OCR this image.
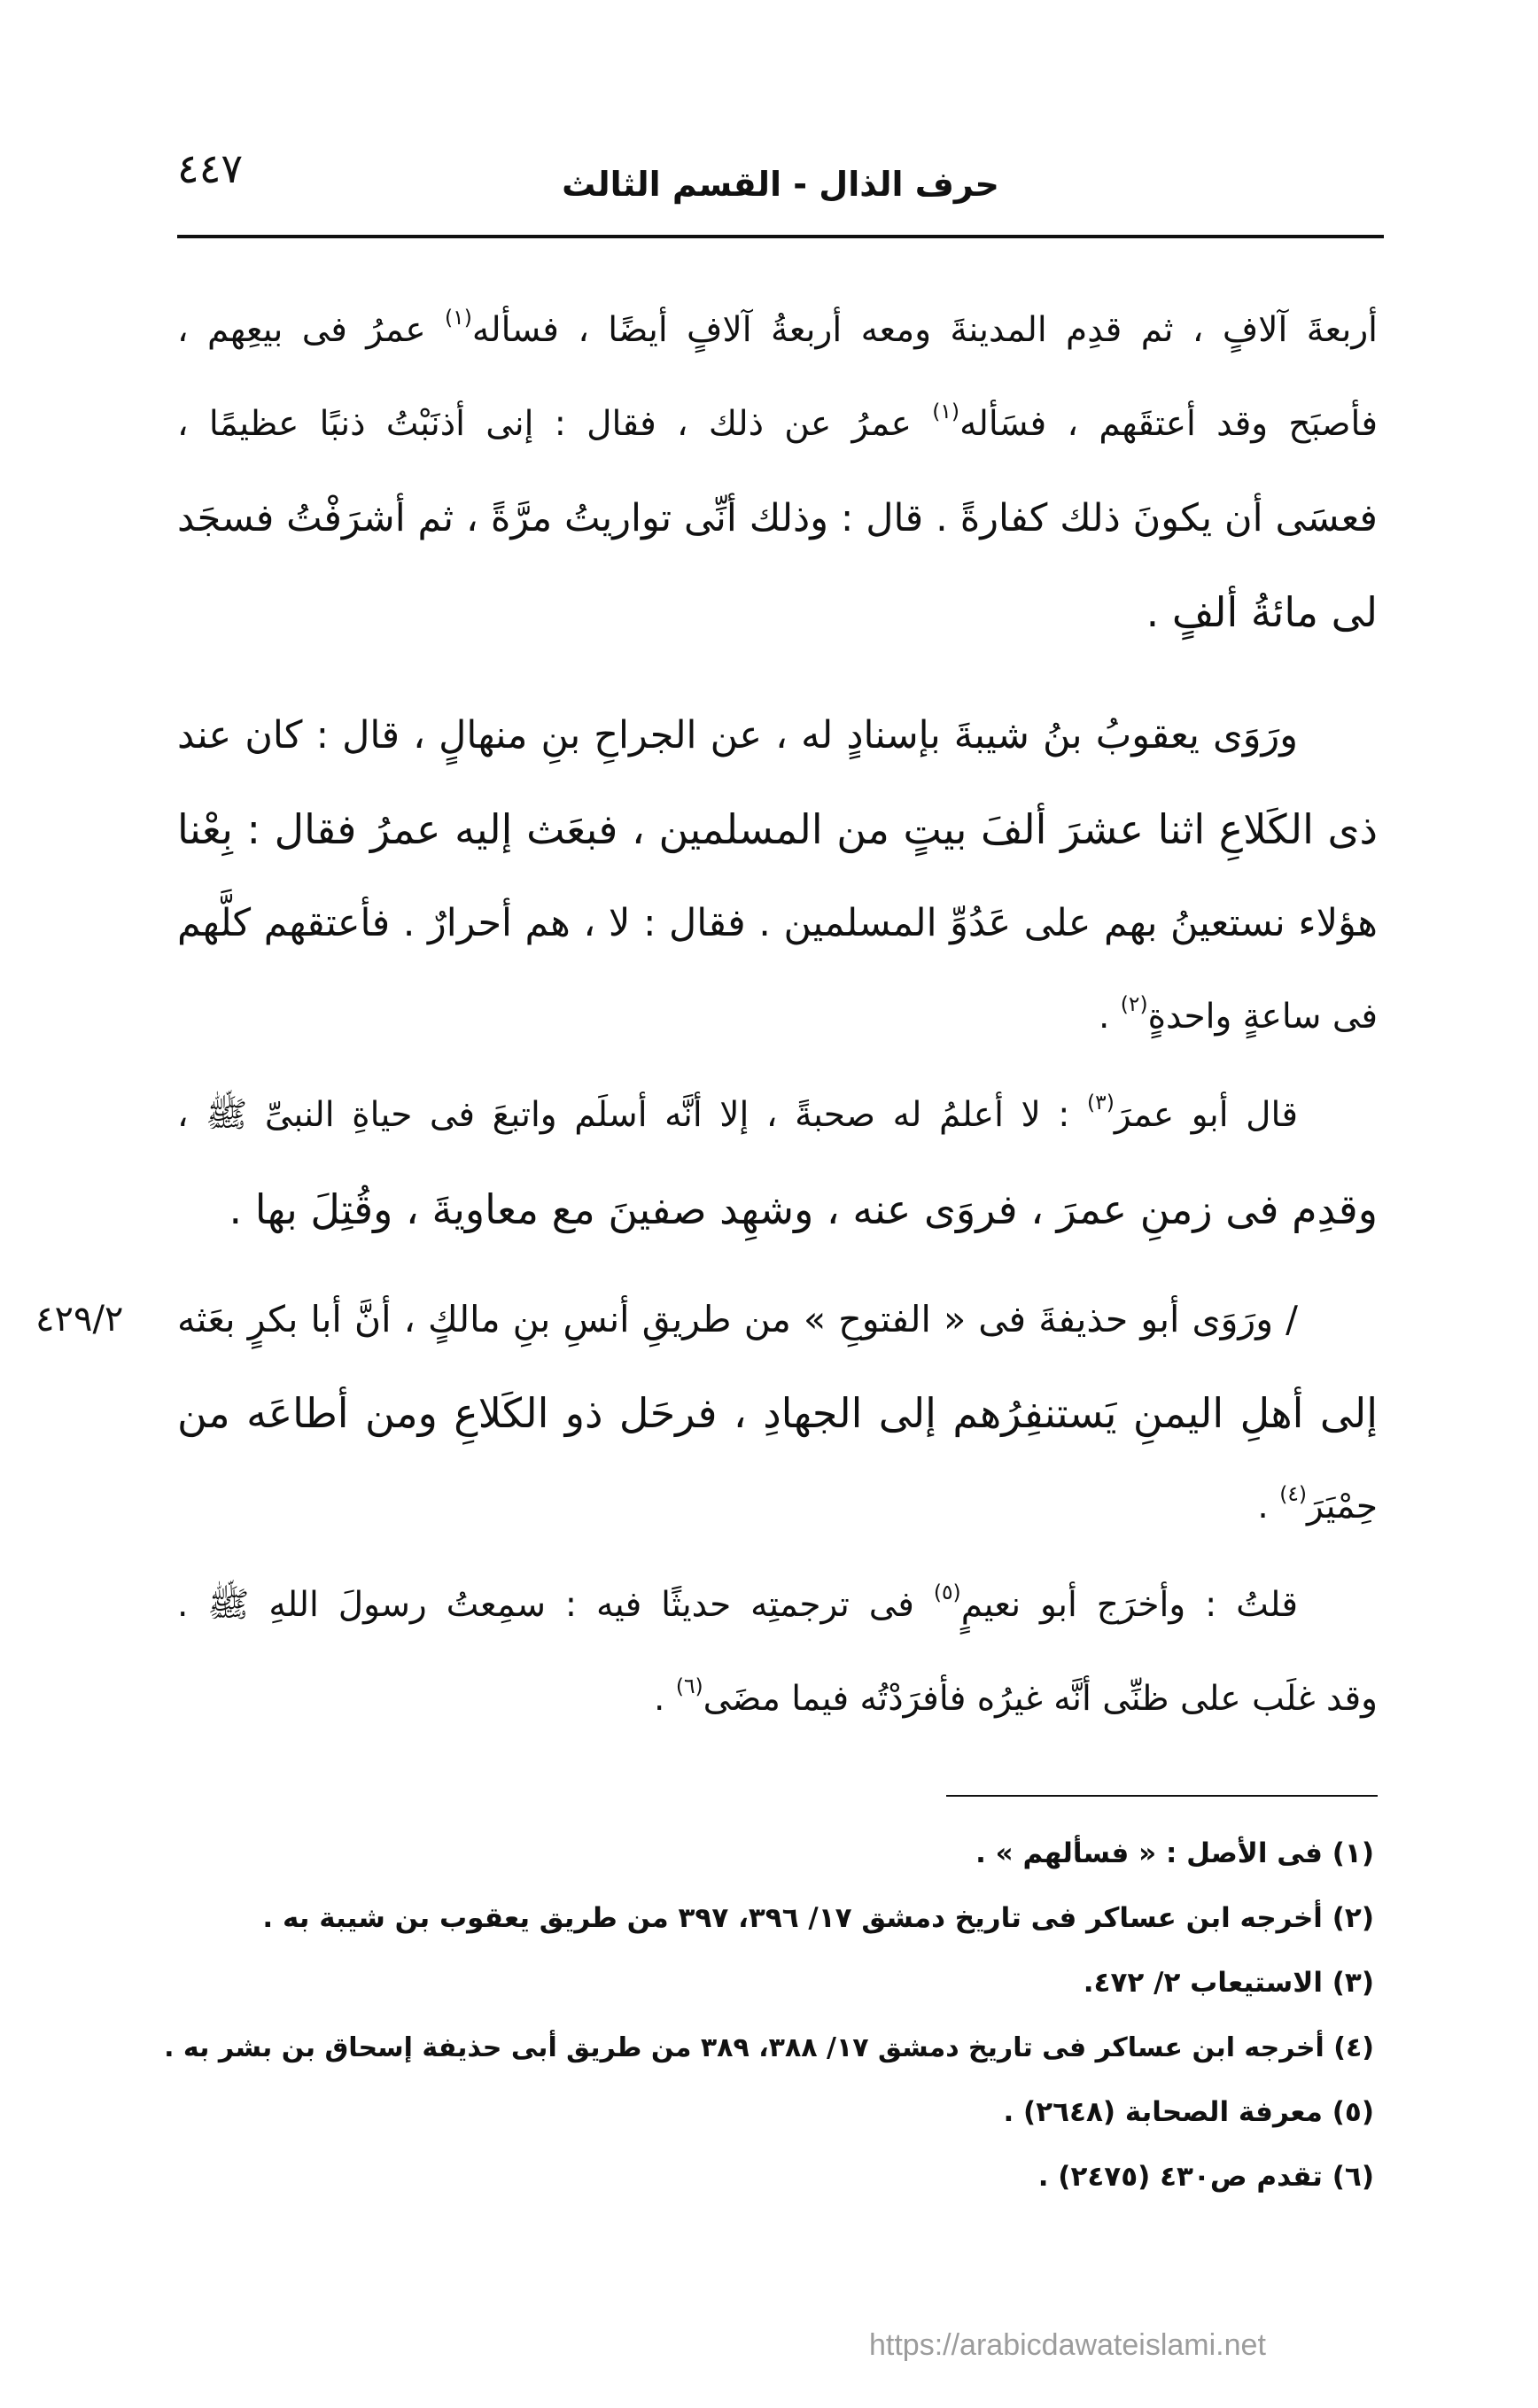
٤٤٧	حرف الذال - القسم الثالث
أربعةَ آلافٍ ، ثم قدِم المدينةَ ومعه أربعةُ آلافٍ أيضًا ، فسأله$^{(١)}$ عمرُ فى بيعِهم ،
فأصبَح وقد أعتقَهم ، فسَأله$^{(١)}$ عمرُ عن ذلك ، فقال : إنى أذنَبْتُ ذنبًا عظيمًا ،
فعسَى أن يكونَ ذلك كفارةً . قال : وذلك أنِّى تواريتُ مرَّةً ، ثم أشرَفْتُ فسجَد
لى مائةُ ألفٍ .
ورَوَى يعقوبُ بنُ شيبةَ بإسنادٍ له ، عن الجراحِ بنِ منهالٍ ، قال : كان عند
ذى الكَلاعِ اثنا عشرَ ألفَ بيتٍ من المسلمين ، فبعَث إليه عمرُ فقال : بِعْنا
هؤلاء نستعينُ بهم على عَدُوِّ المسلمين . فقال : لا ، هم أحرارٌ . فأعتقهم كلَّهم
فى ساعةٍ واحدةٍ$^{(٢)}$ .
قال أبو عمرَ$^{(٣)}$ : لا أعلمُ له صحبةً ، إلا أنَّه أسلَم واتبعَ فى حياةِ النبىِّ ﷺ ،
وقدِم فى زمنِ عمرَ ، فروَى عنه ، وشهِد صفينَ مع معاويةَ ، وقُتِلَ بها .
/ ورَوَى أبو حذيفةَ فى « الفتوحِ » من طريقِ أنسِ بنِ مالكٍ ، أنَّ أبا بكرٍ بعَثه
إلى أهلِ اليمنِ يَستنفِرُهم إلى الجهادِ ، فرحَل ذو الكَلاعِ ومن أطاعَه من
حِمْيَرَ$^{(٤)}$ .
قلتُ : وأخرَج أبو نعيمٍ$^{(٥)}$ فى ترجمتِه حديثًا فيه : سمِعتُ رسولَ اللهِ ﷺ .
وقد غلَب على ظنِّى أنَّه غيرُه فأفرَدْتُه فيما مضَى$^{(٦)}$ .
٤٢٩/٢
(١) فى الأصل : « فسألهم » .
(٢) أخرجه ابن عساكر فى تاريخ دمشق ١٧/ ٣٩٦، ٣٩٧ من طريق يعقوب بن شيبة به .
(٣) الاستيعاب ٢/ ٤٧٢.
(٤) أخرجه ابن عساكر فى تاريخ دمشق ١٧/ ٣٨٨، ٣٨٩ من طريق أبى حذيفة إسحاق بن بشر به .
(٥) معرفة الصحابة (٢٦٤٨) .
(٦) تقدم ص٤٣٠ (٢٤٧٥) .
https://arabicdawateislami.net
